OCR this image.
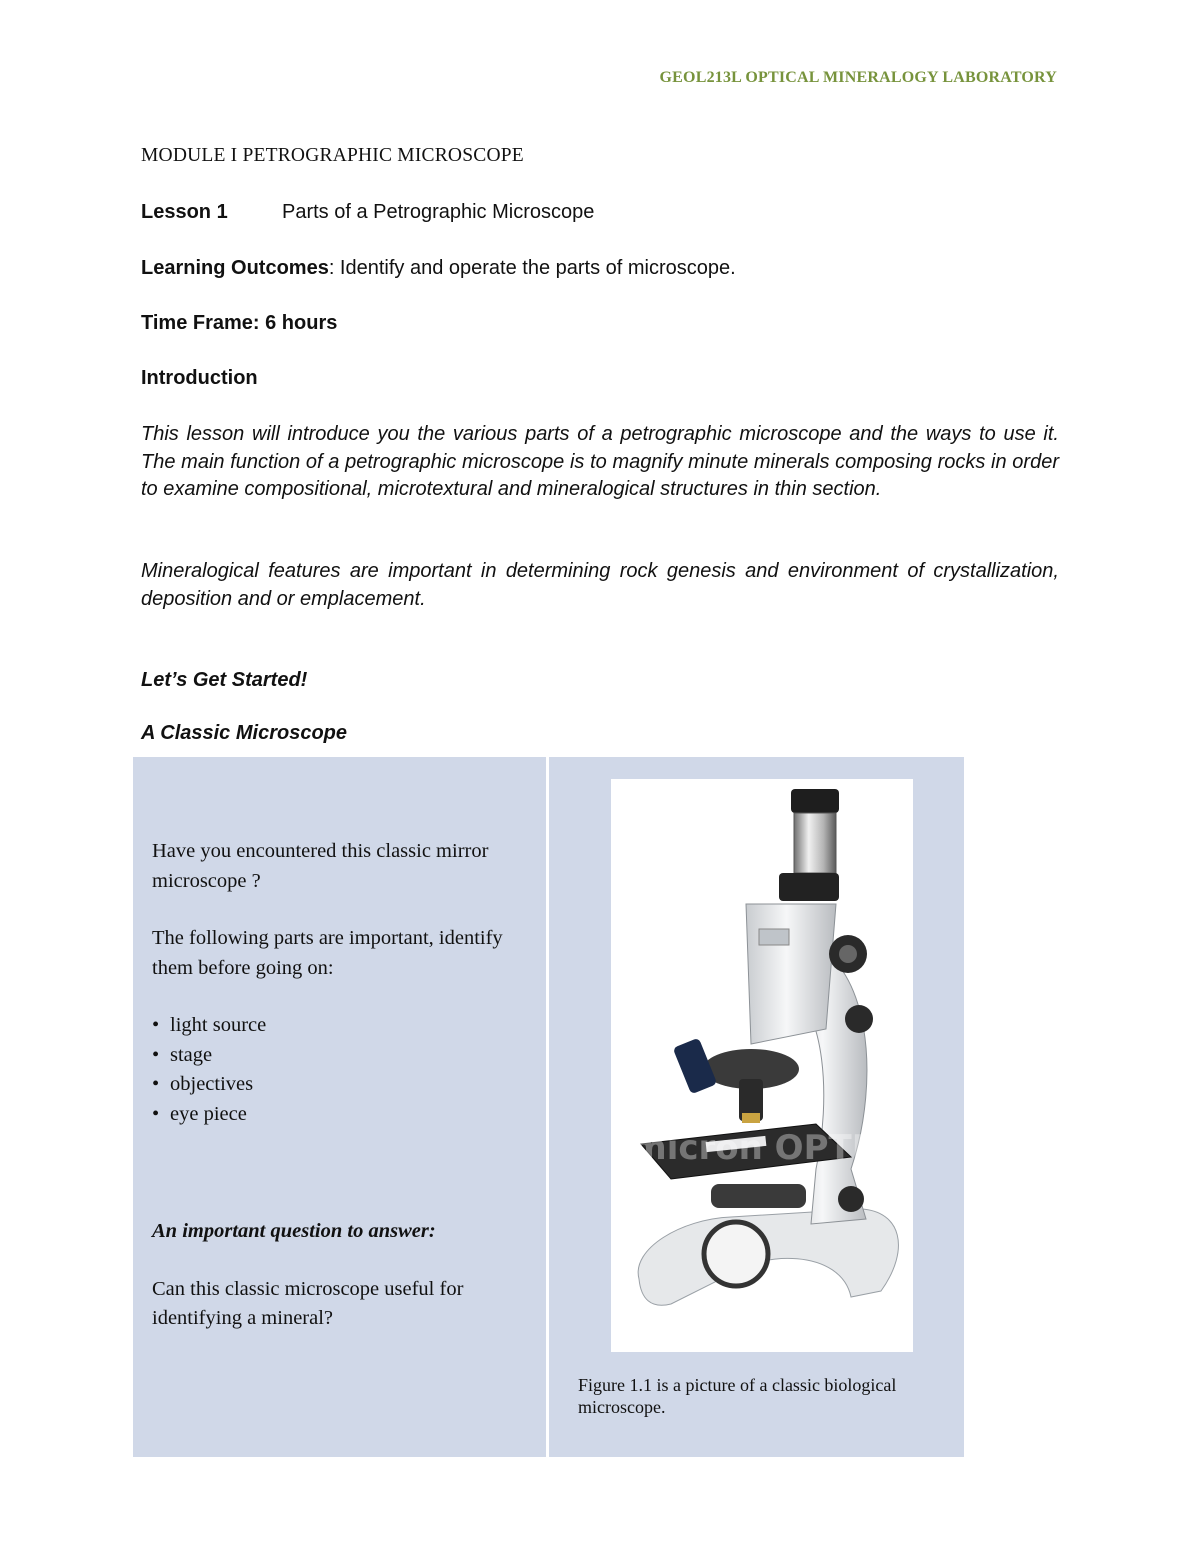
GEOL213L OPTICAL MINERALOGY LABORATORY
MODULE I PETROGRAPHIC MICROSCOPE
Lesson 1	Parts of a Petrographic Microscope
Learning Outcomes: Identify and operate the parts of microscope.
Time Frame: 6 hours
Introduction

This lesson will introduce you the various parts of a petrographic microscope and the ways to use it. The main function of a petrographic microscope is to magnify minute minerals composing rocks in order to examine compositional, microtextural and mineralogical structures in thin section.

Mineralogical features are important in determining rock genesis and environment of crystallization, deposition and or emplacement.

Let’s Get Started!
A Classic Microscope

Have you encountered this classic mirror microscope ?

The following parts are important, identify them before going on:

• light source
• stage
• objectives
• eye piece

An important question to answer:

Can this classic microscope useful for identifying a mineral?

micron OPTIK
Figure 1.1 is a picture of a classic biological microscope.
